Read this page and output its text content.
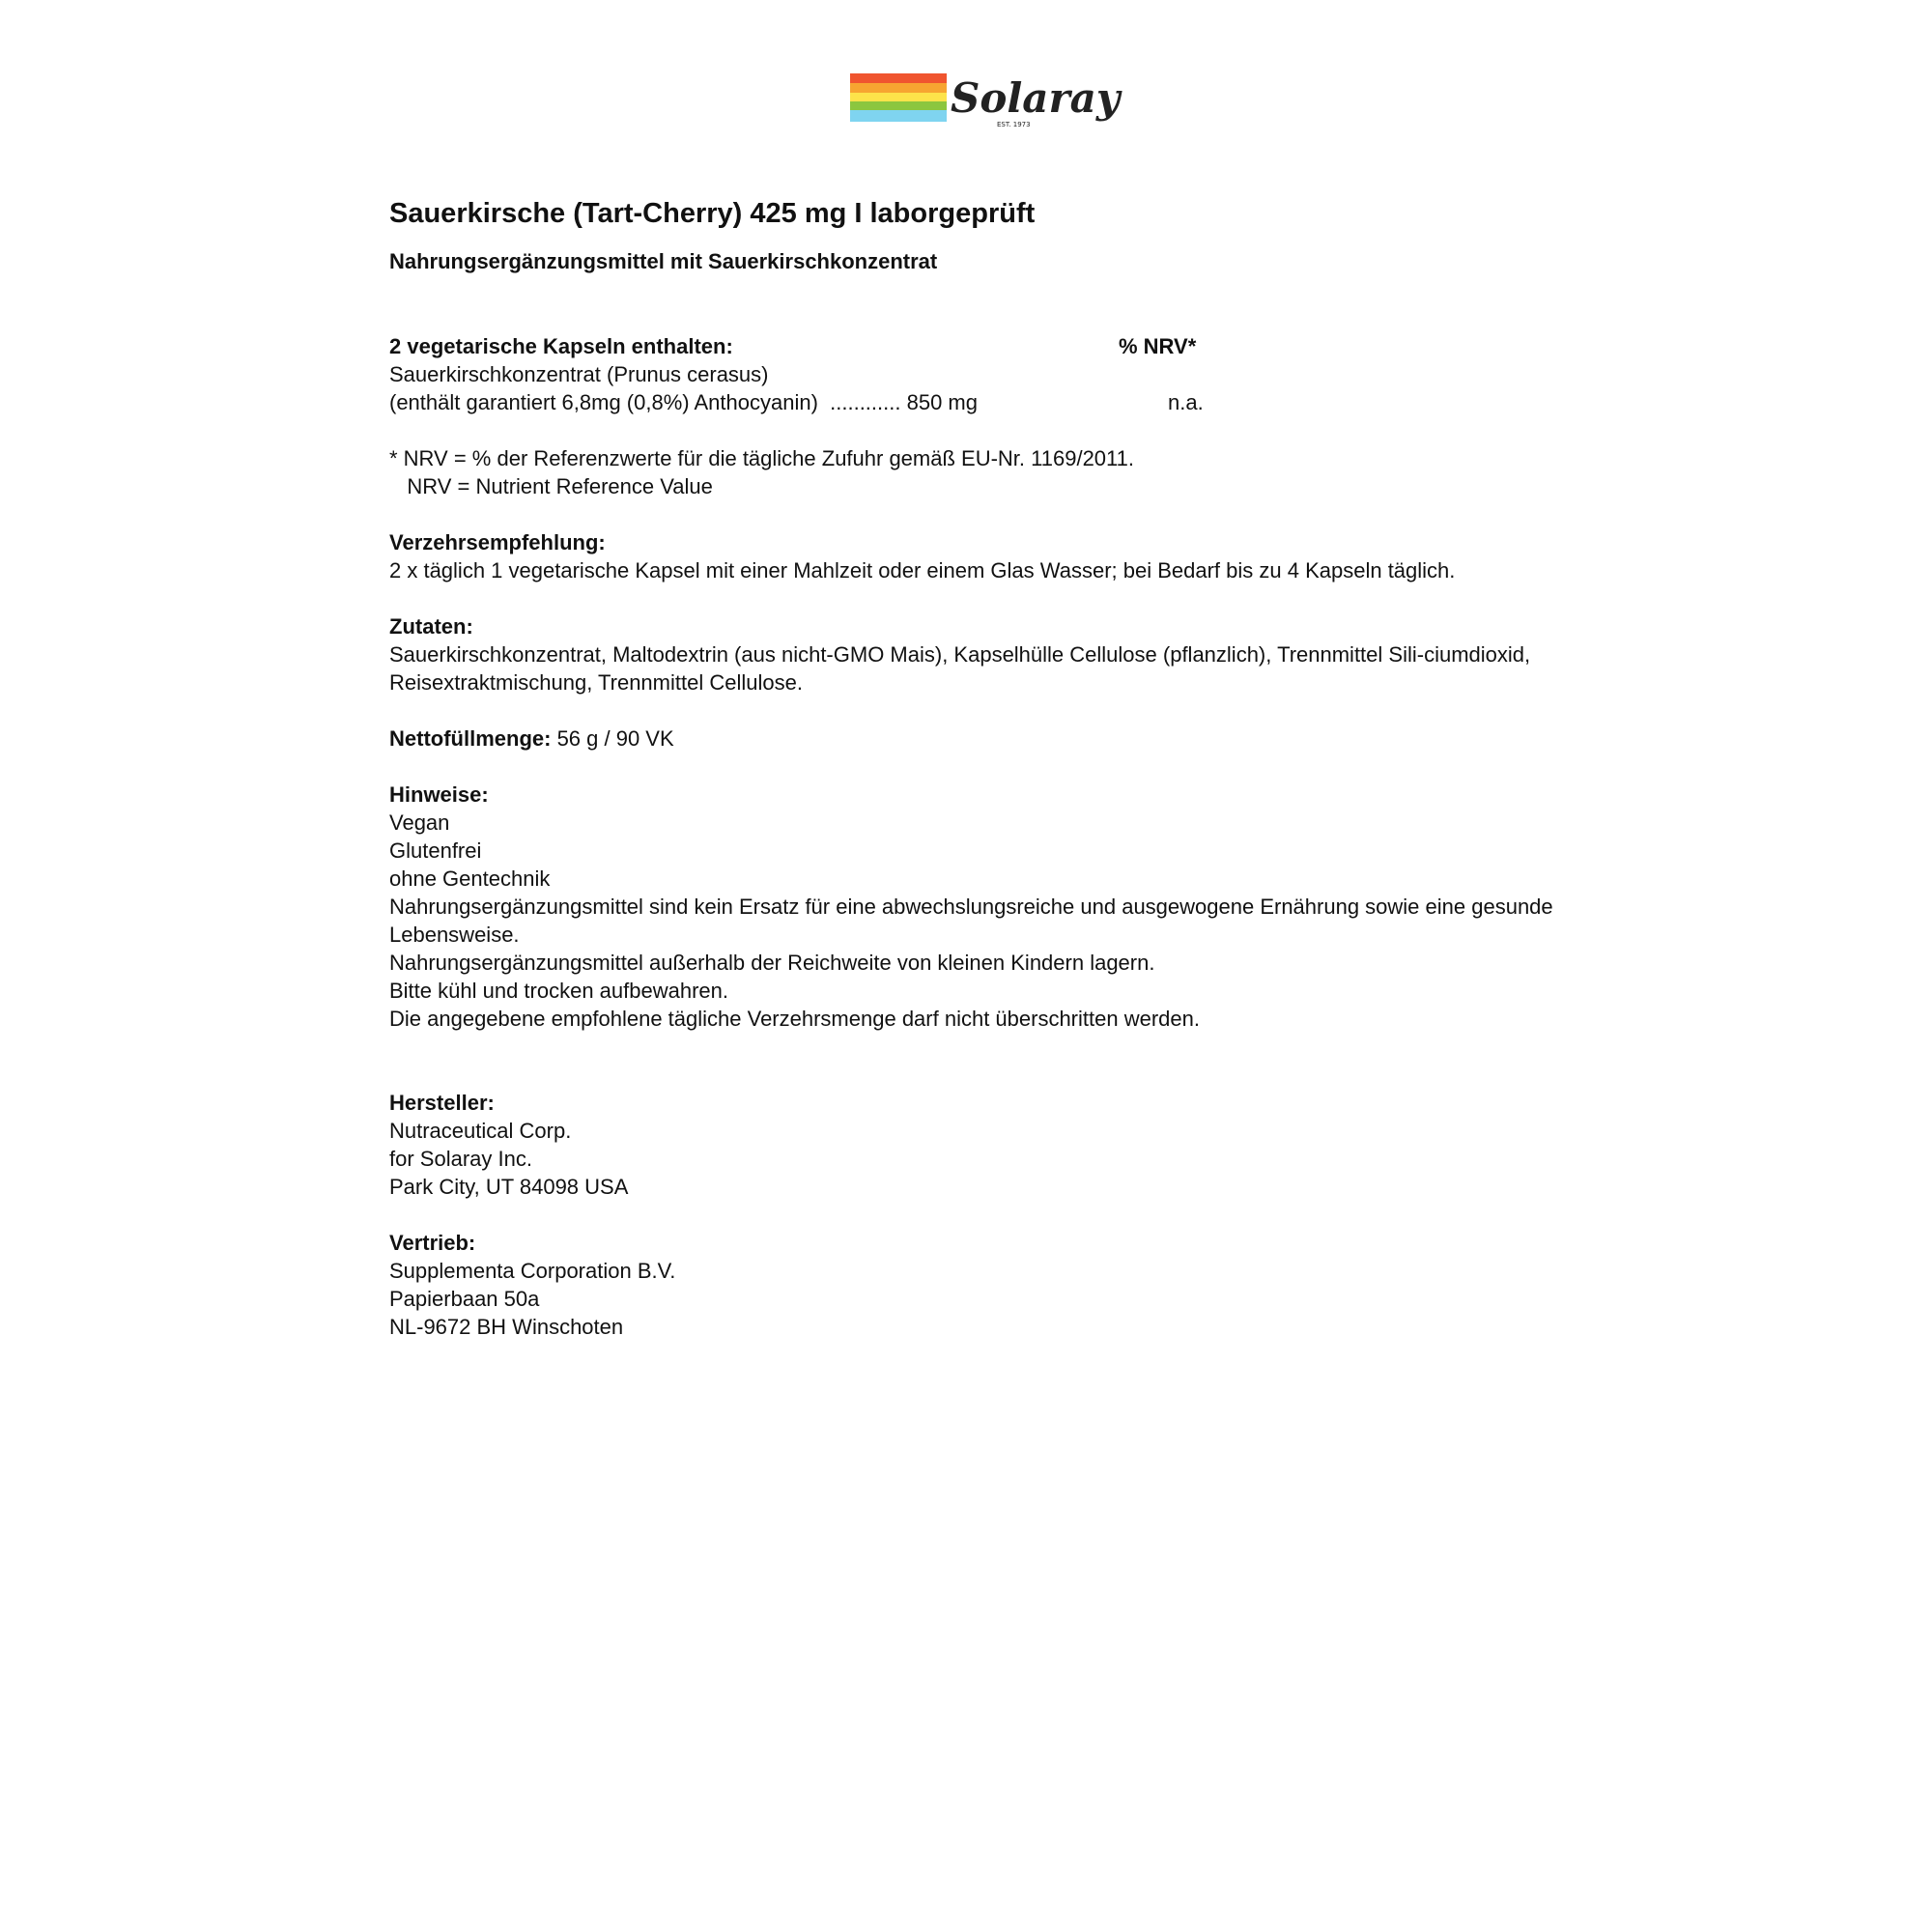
Solaray
EST. 1973
Sauerkirsche (Tart-Cherry) 425 mg I laborgeprüft
Nahrungsergänzungsmittel mit Sauerkirschkonzentrat
2 vegetarische Kapseln enthalten:	% NRV*
Sauerkirschkonzentrat (Prunus cerasus)
(enthält garantiert 6,8mg (0,8%) Anthocyanin)  ............ 850 mg	n.a.
* NRV = % der Referenzwerte für die tägliche Zufuhr gemäß EU-Nr. 1169/2011.
NRV = Nutrient Reference Value
Verzehrsempfehlung:
2 x täglich 1 vegetarische Kapsel mit einer Mahlzeit oder einem Glas Wasser; bei Bedarf bis zu 4 Kapseln täglich.
Zutaten:
Sauerkirschkonzentrat, Maltodextrin (aus nicht-GMO Mais), Kapselhülle Cellulose (pflanzlich), Trennmittel Sili-ciumdioxid, Reisextraktmischung, Trennmittel Cellulose.
Nettofüllmenge: 56 g / 90 VK
Hinweise:
Vegan
Glutenfrei
ohne Gentechnik
Nahrungsergänzungsmittel sind kein Ersatz für eine abwechslungsreiche und ausgewogene Ernährung sowie eine gesunde Lebensweise.
Nahrungsergänzungsmittel außerhalb der Reichweite von kleinen Kindern lagern.
Bitte kühl und trocken aufbewahren.
Die angegebene empfohlene tägliche Verzehrsmenge darf nicht überschritten werden.
Hersteller:
Nutraceutical Corp.
for Solaray Inc.
Park City, UT 84098 USA
Vertrieb:
Supplementa Corporation B.V.
Papierbaan 50a
NL-9672 BH Winschoten
